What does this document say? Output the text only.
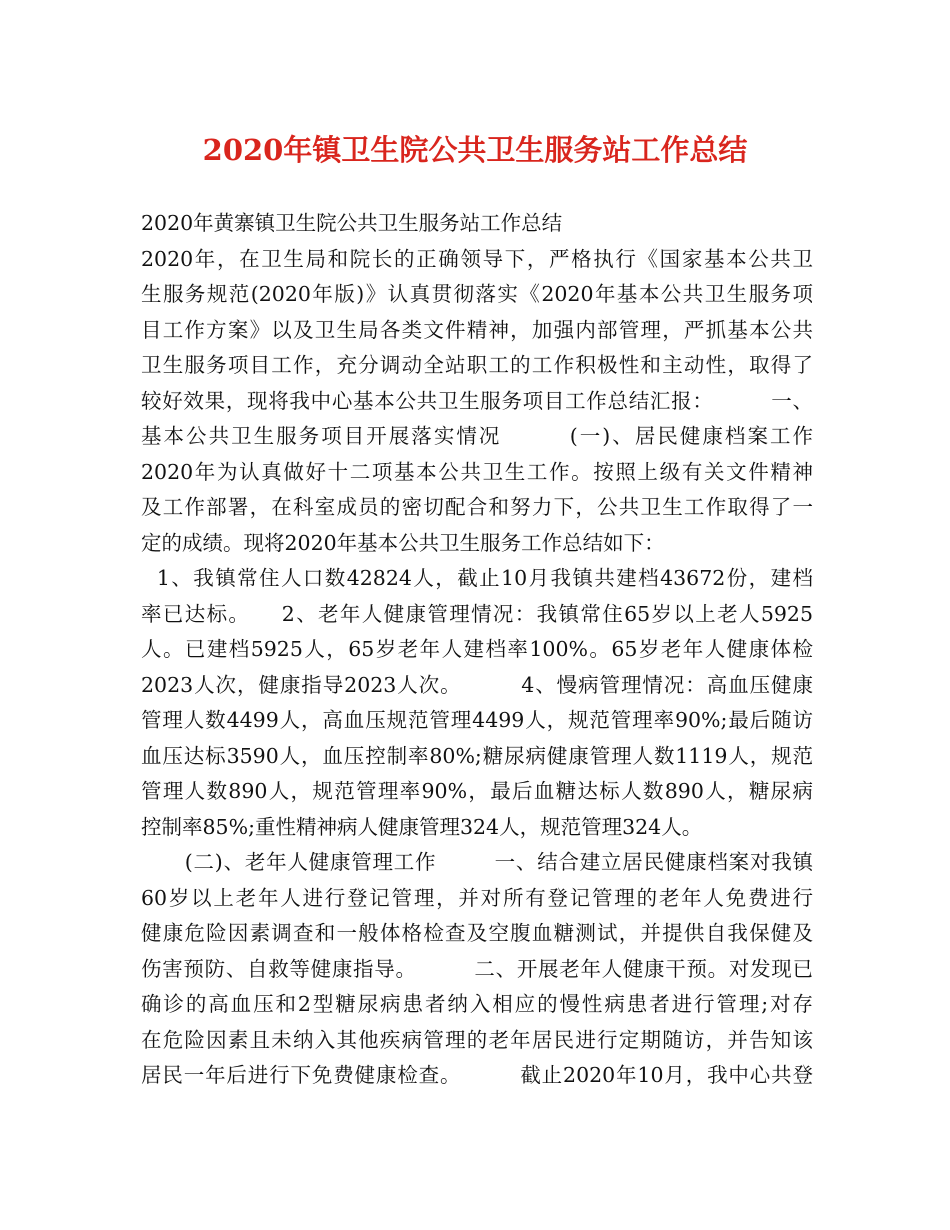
2020年镇卫生院公共卫生服务站工作总结
2020年黄寨镇卫生院公共卫生服务站工作总结
2020年，在卫生局和院长的正确领导下，严格执行《国家基本公共卫
生服务规范(2020年版)》认真贯彻落实《2020年基本公共卫生服务项
目工作方案》以及卫生局各类文件精神，加强内部管理，严抓基本公共
卫生服务项目工作，充分调动全站职工的工作积极性和主动性，取得了
较好效果，现将我中心基本公共卫生服务项目工作总结汇报：        一、
基本公共卫生服务项目开展落实情况        (一)、居民健康档案工作
2020年为认真做好十二项基本公共卫生工作。按照上级有关文件精神
及工作部署，在科室成员的密切配合和努力下，公共卫生工作取得了一
定的成绩。现将2020年基本公共卫生服务工作总结如下：
1、我镇常住人口数42824人，截止10月我镇共建档43672份，建档
率已达标。    2、老年人健康管理情况：我镇常住65岁以上老人5925
人。已建档5925人，65岁老年人建档率100%。65岁老年人健康体检
2023人次，健康指导2023人次。        4、慢病管理情况：高血压健康
管理人数4499人，高血压规范管理4499人，规范管理率90%;最后随访
血压达标3590人，血压控制率80%;糖尿病健康管理人数1119人，规范
管理人数890人，规范管理率90%，最后血糖达标人数890人，糖尿病
控制率85%;重性精神病人健康管理324人，规范管理324人。
(二)、老年人健康管理工作        一、结合建立居民健康档案对我镇
60岁以上老年人进行登记管理，并对所有登记管理的老年人免费进行
健康危险因素调查和一般体格检查及空腹血糖测试，并提供自我保健及
伤害预防、自救等健康指导。        二、开展老年人健康干预。对发现已
确诊的高血压和2型糖尿病患者纳入相应的慢性病患者进行管理;对存
在危险因素且未纳入其他疾病管理的老年居民进行定期随访，并告知该
居民一年后进行下免费健康检查。        截止2020年10月，我中心共登
